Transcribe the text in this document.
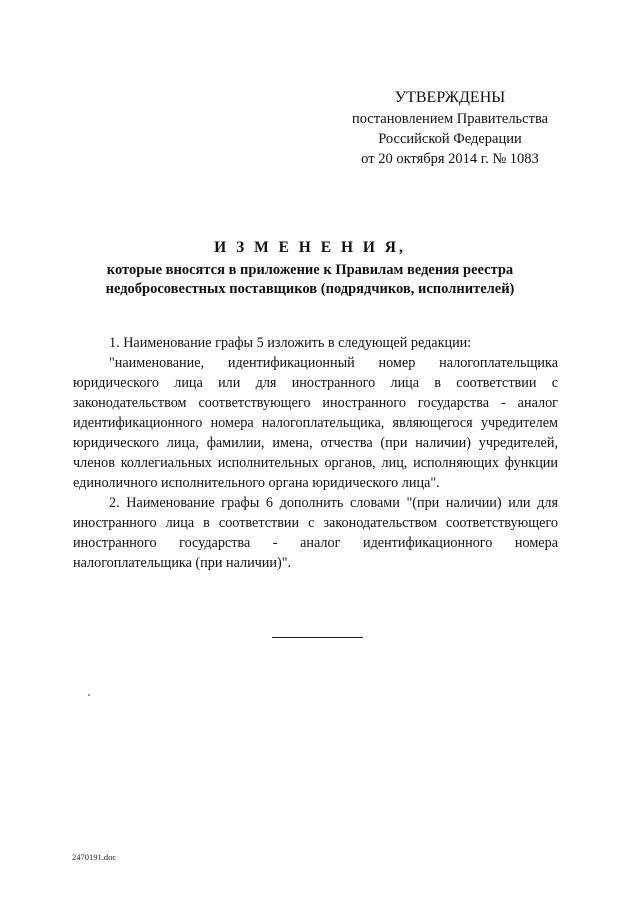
УТВЕРЖДЕНЫ
постановлением Правительства
Российской Федерации
от 20 октября 2014 г. № 1083
И З М Е Н Е Н И Я,
которые вносятся в приложение к Правилам ведения реестра
недобросовестных поставщиков (подрядчиков, исполнителей)

1. Наименование графы 5 изложить в следующей редакции:

"наименование, идентификационный номер налогоплательщика юридического лица или для иностранного лица в соответствии с законодательством соответствующего иностранного государства - аналог идентификационного номера налогоплательщика, являющегося учредителем юридического лица, фамилии, имена, отчества (при наличии) учредителей, членов коллегиальных исполнительных органов, лиц, исполняющих функции единоличного исполнительного органа юридического лица".

2. Наименование графы 6 дополнить словами "(при наличии) или для иностранного лица в соответствии с законодательством соответствующего иностранного государства - аналог идентификационного номера налогоплательщика (при наличии)".

2470191.doc
